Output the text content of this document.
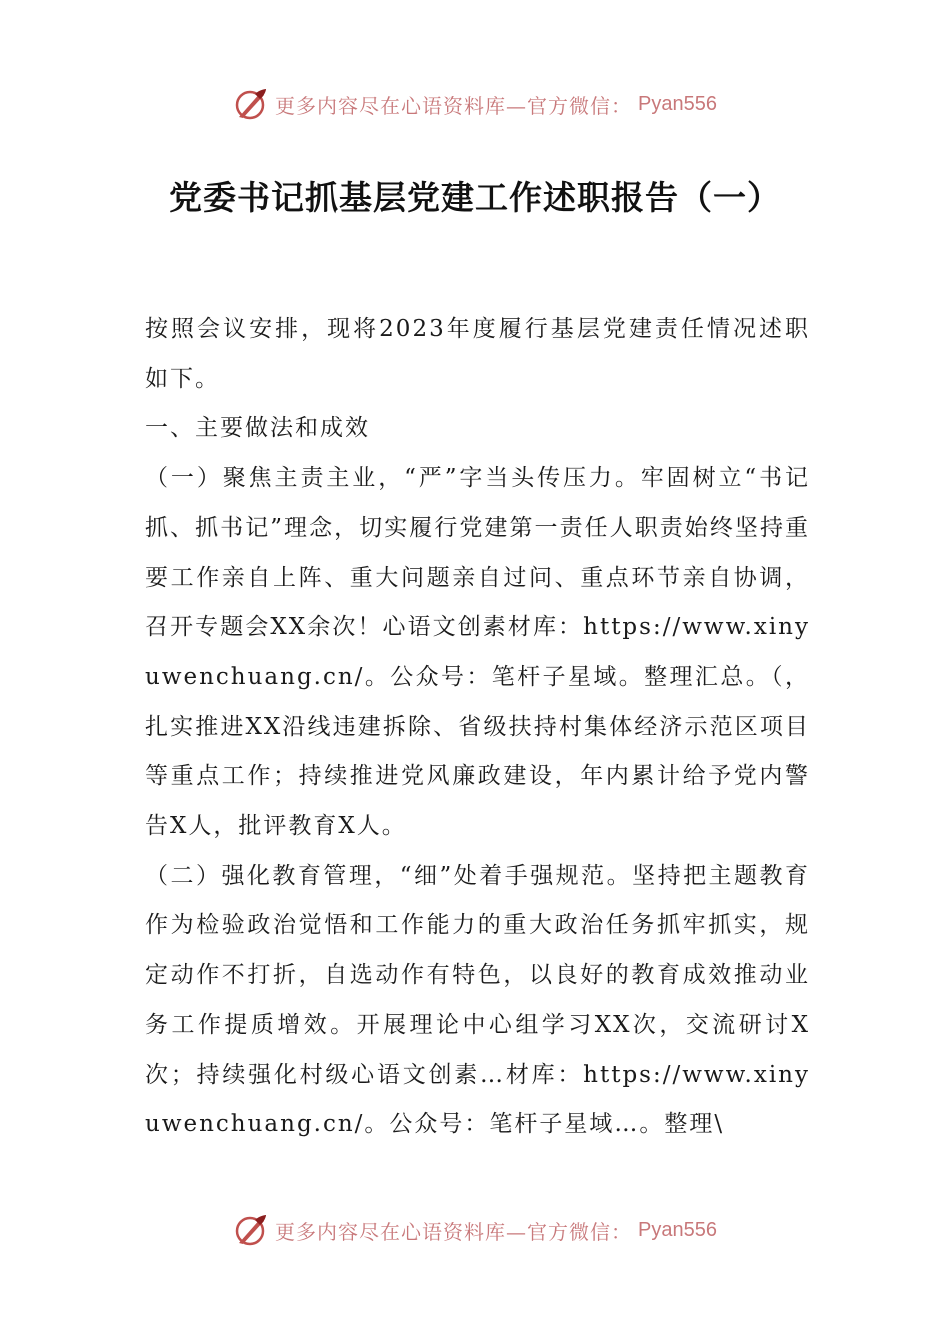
更多内容尽在心语资料库—官方微信： Pyan556
党委书记抓基层党建工作述职报告（一）

按照会议安排，现将2023年度履行基层党建责任情况述职如下。

一、主要做法和成效

（一）聚焦主责主业，“严”字当头传压力。牢固树立“书记抓、抓书记”理念，切实履行党建第一责任人职责始终坚持重要工作亲自上阵、重大问题亲自过问、重点环节亲自协调，召开专题会XX余次！心语文创素材库：https://www.xinyuwenchuang.cn/。公众号：笔杆子星域。整理汇总。（，扎实推进XX沿线违建拆除、省级扶持村集体经济示范区项目等重点工作；持续推进党风廉政建设，年内累计给予党内警告X人，批评教育X人。

（二）强化教育管理，“细”处着手强规范。坚持把主题教育作为检验政治觉悟和工作能力的重大政治任务抓牢抓实，规定动作不打折，自选动作有特色，以良好的教育成效推动业务工作提质增效。开展理论中心组学习XX次，交流研讨X次；持续强化村级心语文创素…材库：https://www.xinyuwenchuang.cn/。公众号：笔杆子星域…。整理\

更多内容尽在心语资料库—官方微信： Pyan556
